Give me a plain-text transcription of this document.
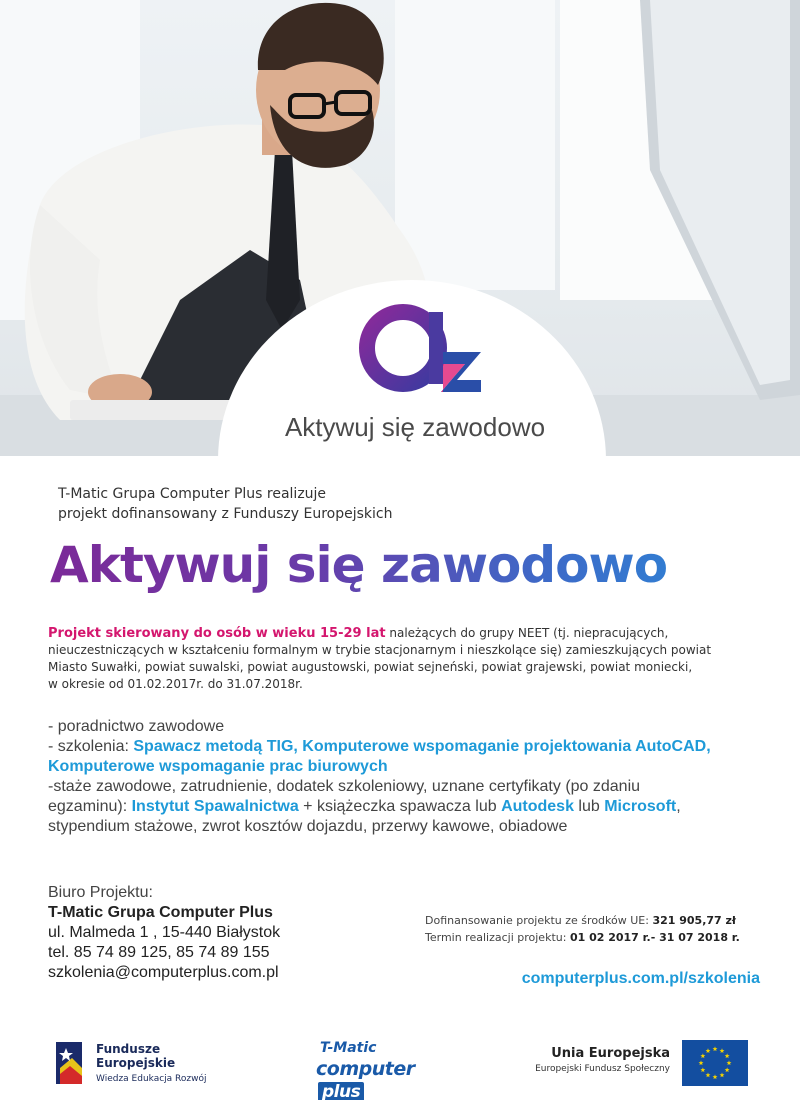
Aktywuj się zawodowo
T-Matic Grupa Computer Plus realizuje
projekt dofinansowany z Funduszy Europejskich
Aktywuj się zawodowo
Projekt skierowany do osób w wieku 15-29 lat należących do grupy NEET (tj. niepracujących,
nieuczestniczących w kształceniu formalnym w trybie stacjonarnym i nieszkolące się) zamieszkujących powiat
Miasto Suwałki, powiat suwalski, powiat augustowski, powiat sejneński, powiat grajewski, powiat moniecki,
w okresie od 01.02.2017r. do 31.07.2018r.

- poradnictwo zawodowe

- szkolenia: Spawacz metodą TIG, Komputerowe wspomaganie projektowania AutoCAD,

Komputerowe wspomaganie prac biurowych

-staże zawodowe, zatrudnienie, dodatek szkoleniowy, uznane certyfikaty (po zdaniu

egzaminu): Instytut Spawalnictwa + książeczka spawacza lub Autodesk lub Microsoft,

stypendium stażowe, zwrot kosztów dojazdu, przerwy kawowe, obiadowe

Biuro Projektu:
T-Matic Grupa Computer Plus
ul. Malmeda 1 , 15-440 Białystok
tel. 85 74 89 125, 85 74 89 155
szkolenia@computerplus.com.pl
Dofinansowanie projektu ze środków UE: 321 905,77 zł
Termin realizacji projektu: 01 02 2017 r.- 31 07 2018 r.
computerplus.com.pl/szkolenia
Fundusze
Europejskie
Wiedza Edukacja Rozwój
T-Matic
computerplus
Unia Europejska
Europejski Fundusz Społeczny
